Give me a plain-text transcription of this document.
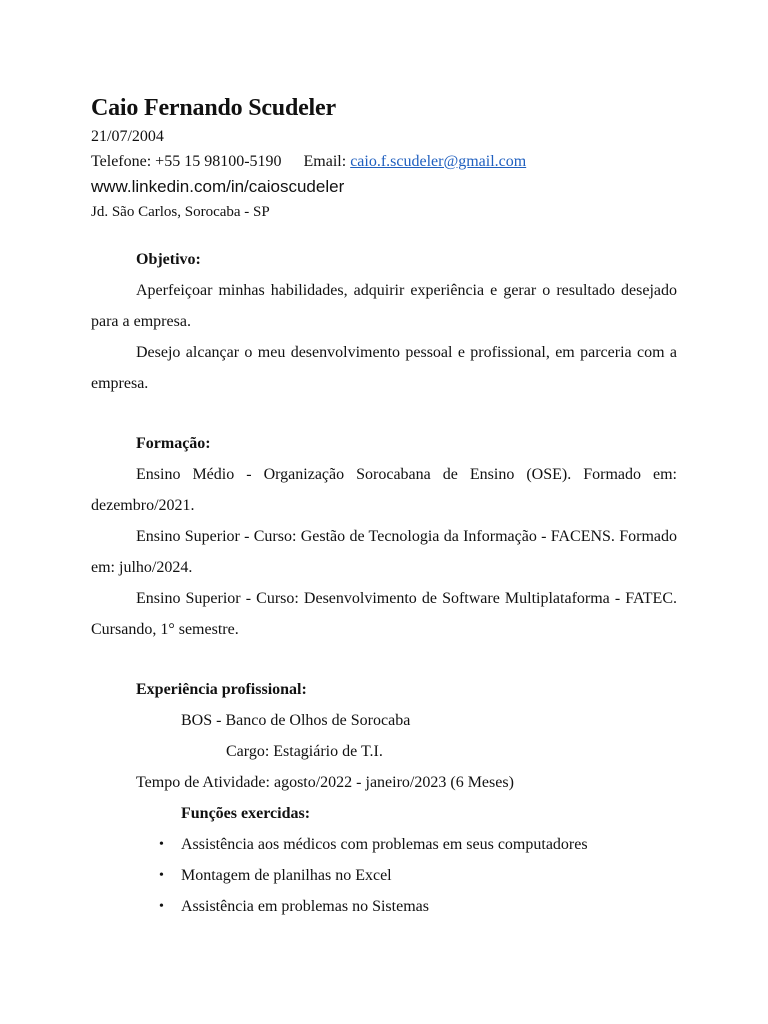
Caio Fernando Scudeler
21/07/2004
Telefone: +55 15 98100-5190 Email: caio.f.scudeler@gmail.com
www.linkedin.com/in/caioscudeler
Jd. São Carlos, Sorocaba - SP
Objetivo:

Aperfeiçoar minhas habilidades, adquirir experiência e gerar o resultado desejado para a empresa.

Desejo alcançar o meu desenvolvimento pessoal e profissional, em parceria com a empresa.

Formação:

Ensino Médio - Organização Sorocabana de Ensino (OSE). Formado em: dezembro/2021.

Ensino Superior - Curso: Gestão de Tecnologia da Informação - FACENS. Formado em: julho/2024.

Ensino Superior - Curso: Desenvolvimento de Software Multiplataforma - FATEC. Cursando, 1° semestre.

Experiência profissional:
BOS - Banco de Olhos de Sorocaba
Cargo: Estagiário de T.I.
Tempo de Atividade: agosto/2022 - janeiro/2023 (6 Meses)
Funções exercidas:
• Assistência aos médicos com problemas em seus computadores
• Montagem de planilhas no Excel
• Assistência em problemas no Sistemas
